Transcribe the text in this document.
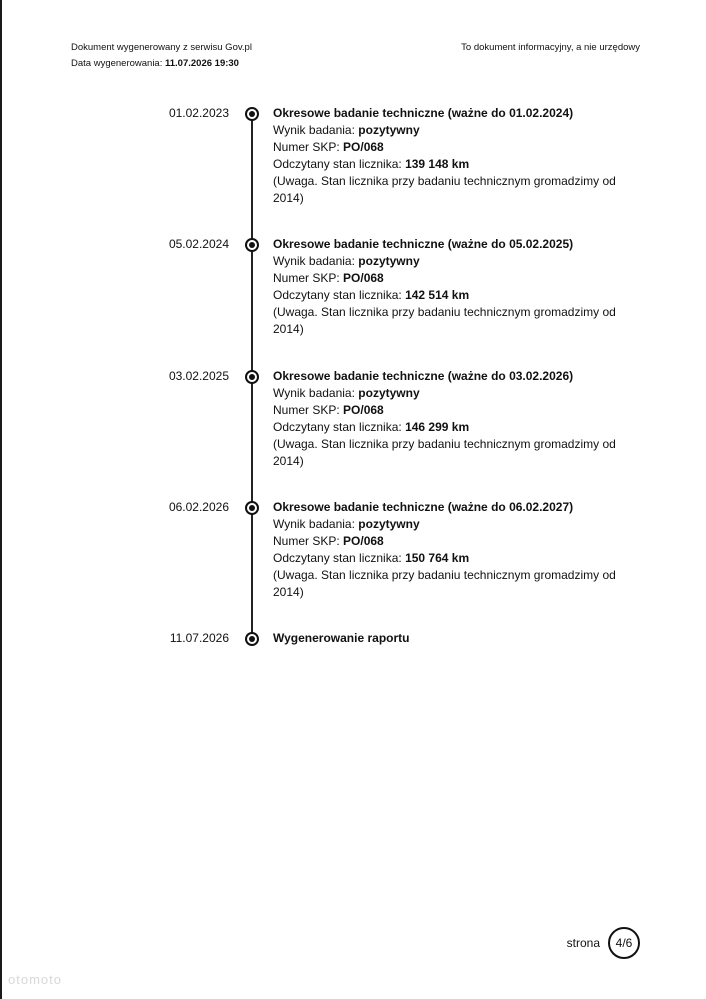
Dokument wygenerowany z serwisu Gov.pl
Data wygenerowania: 11.07.2026 19:30
To dokument informacyjny, a nie urzędowy
01.02.2023	Okresowe badanie techniczne (ważne do 01.02.2024)
Wynik badania: pozytywny
Numer SKP: PO/068
Odczytany stan licznika: 139 148 km
(Uwaga. Stan licznika przy badaniu technicznym gromadzimy od 2014)
05.02.2024	Okresowe badanie techniczne (ważne do 05.02.2025)
Wynik badania: pozytywny
Numer SKP: PO/068
Odczytany stan licznika: 142 514 km
(Uwaga. Stan licznika przy badaniu technicznym gromadzimy od 2014)
03.02.2025	Okresowe badanie techniczne (ważne do 03.02.2026)
Wynik badania: pozytywny
Numer SKP: PO/068
Odczytany stan licznika: 146 299 km
(Uwaga. Stan licznika przy badaniu technicznym gromadzimy od 2014)
06.02.2026	Okresowe badanie techniczne (ważne do 06.02.2027)
Wynik badania: pozytywny
Numer SKP: PO/068
Odczytany stan licznika: 150 764 km
(Uwaga. Stan licznika przy badaniu technicznym gromadzimy od 2014)
11.07.2026	Wygenerowanie raportu
strona	4/6
otomoto
